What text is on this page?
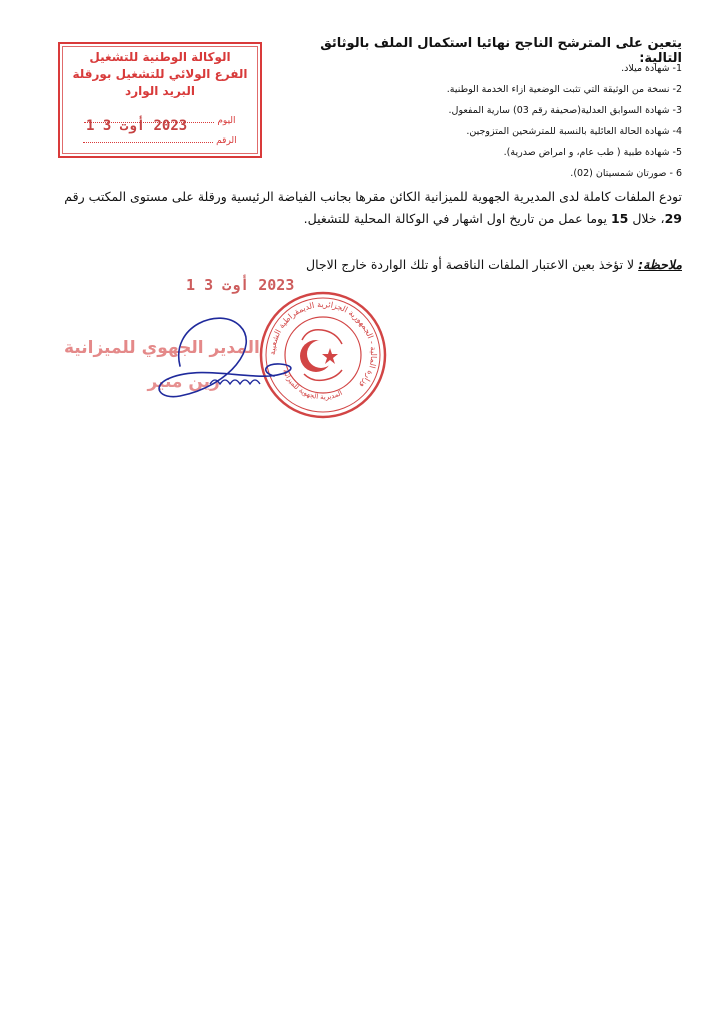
يتعين على المترشح الناجح نهائيا استكمال الملف بالوثائق التالية:
1- شهادة ميلاد.
2- نسخة من الوثيقة التي تثبت الوضعية ازاء الخدمة الوطنية.
3- شهادة السوابق العدلية(صحيفة رقم 03) سارية المفعول.
4- شهادة الحالة العائلية بالنسبة للمترشحين المتزوجين.
5- شهادة طبية ( طب عام، و امراض صدرية).
6 - صورتان شمسيتان (02).

تودع الملفات كاملة لدى المديرية الجهوية للميزانية الكائن مقرها بجانب الفياضة الرئيسية ورقلة على مستوى المكتب رقم 29، خلال 15 يوما عمل من تاريخ اول اشهار في الوكالة المحلية للتشغيل.

ملاحظة: لا تؤخذ بعين الاعتبار الملفات الناقصة أو تلك الواردة خارج الاجال
الوكالة الوطنية للتشغيل
الفرع الولائي للتشغيل بورقلة
البريد الوارد
اليوم
الرقم
2023 أوت 3 1
2023 أوت 3 1
المدير الجهوي للميزانية
رين منير
وزارة المالية - الجمهورية الجزائرية الديمقراطية الشعبية
المديرية الجهوية للميزانية
